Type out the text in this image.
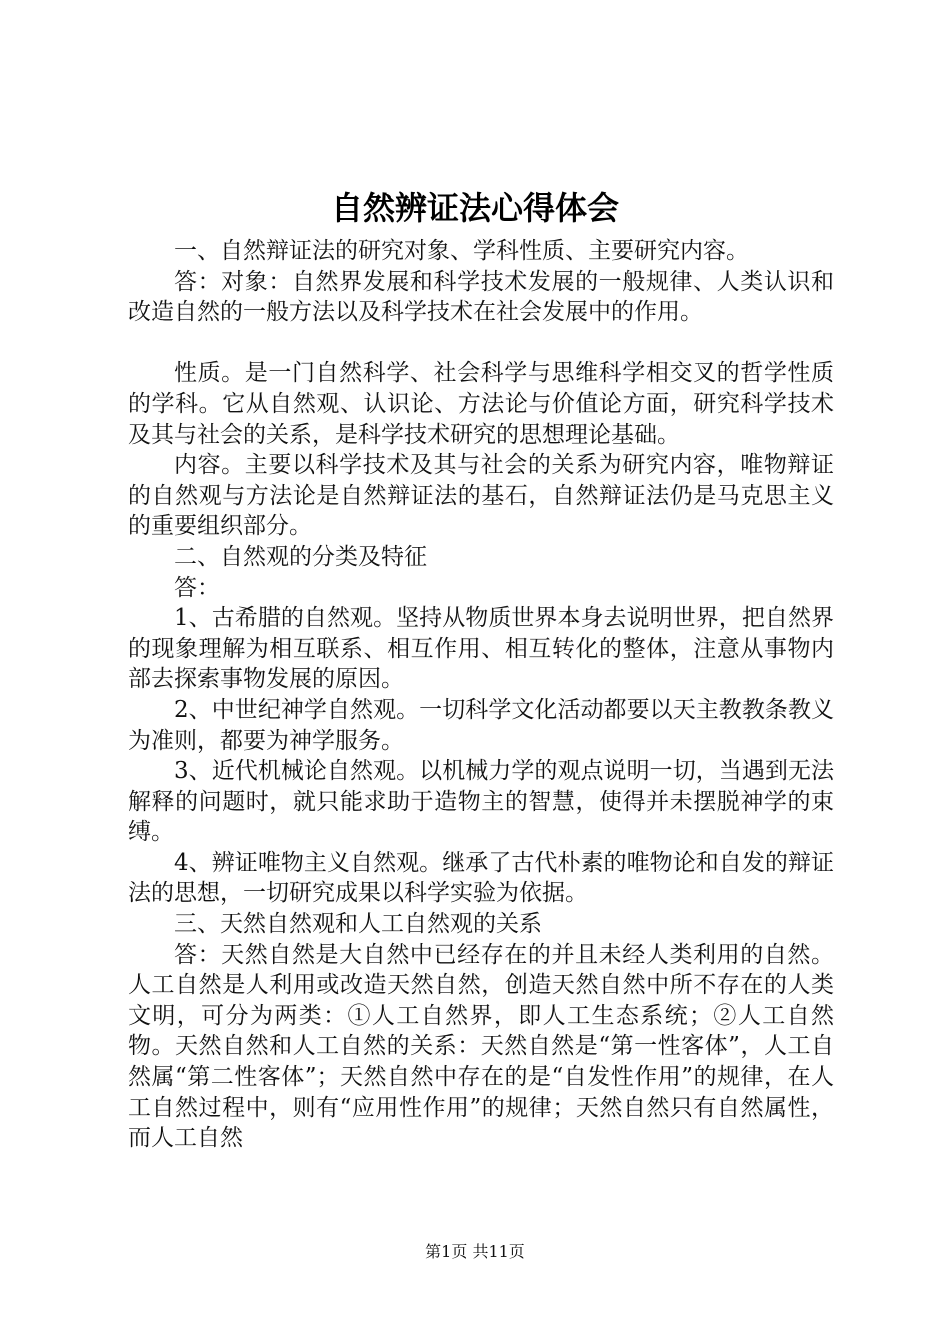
自然辨证法心得体会

一、自然辩证法的研究对象、学科性质、主要研究内容。

答：对象：自然界发展和科学技术发展的一般规律、人类认识和改造自然的一般方法以及科学技术在社会发展中的作用。

性质。是一门自然科学、社会科学与思维科学相交叉的哲学性质的学科。它从自然观、认识论、方法论与价值论方面，研究科学技术及其与社会的关系，是科学技术研究的思想理论基础。

内容。主要以科学技术及其与社会的关系为研究内容，唯物辩证的自然观与方法论是自然辩证法的基石，自然辩证法仍是马克思主义的重要组织部分。

二、自然观的分类及特征

答：

1、古希腊的自然观。坚持从物质世界本身去说明世界，把自然界的现象理解为相互联系、相互作用、相互转化的整体，注意从事物内部去探索事物发展的原因。

2、中世纪神学自然观。一切科学文化活动都要以天主教教条教义为准则，都要为神学服务。

3、近代机械论自然观。以机械力学的观点说明一切，当遇到无法解释的问题时，就只能求助于造物主的智慧，使得并未摆脱神学的束缚。

4、辨证唯物主义自然观。继承了古代朴素的唯物论和自发的辩证法的思想，一切研究成果以科学实验为依据。

三、天然自然观和人工自然观的关系

答：天然自然是大自然中已经存在的并且未经人类利用的自然。人工自然是人利用或改造天然自然，创造天然自然中所不存在的人类文明，可分为两类：①人工自然界，即人工生态系统；②人工自然物。天然自然和人工自然的关系：天然自然是“第一性客体”，人工自然属“第二性客体”；天然自然中存在的是“自发性作用”的规律，在人工自然过程中，则有“应用性作用”的规律；天然自然只有自然属性，而人工自然

第1页 共11页
